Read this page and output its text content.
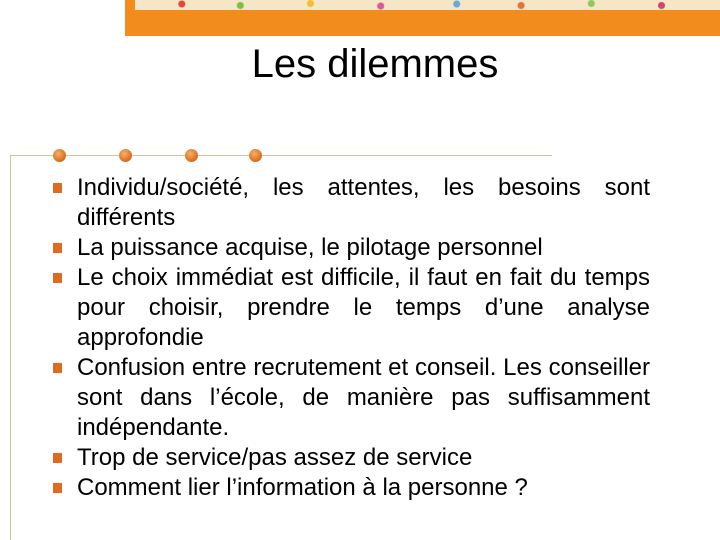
Les dilemmes
Individu/société, les attentes, les besoins sont différents
La puissance acquise, le pilotage personnel
Le choix immédiat est difficile, il faut en fait du temps pour choisir, prendre le temps d’une analyse approfondie
Confusion entre recrutement et conseil. Les conseiller sont dans l’école, de manière pas suffisamment indépendante.
Trop de service/pas assez de service
Comment lier l’information à la personne ?
